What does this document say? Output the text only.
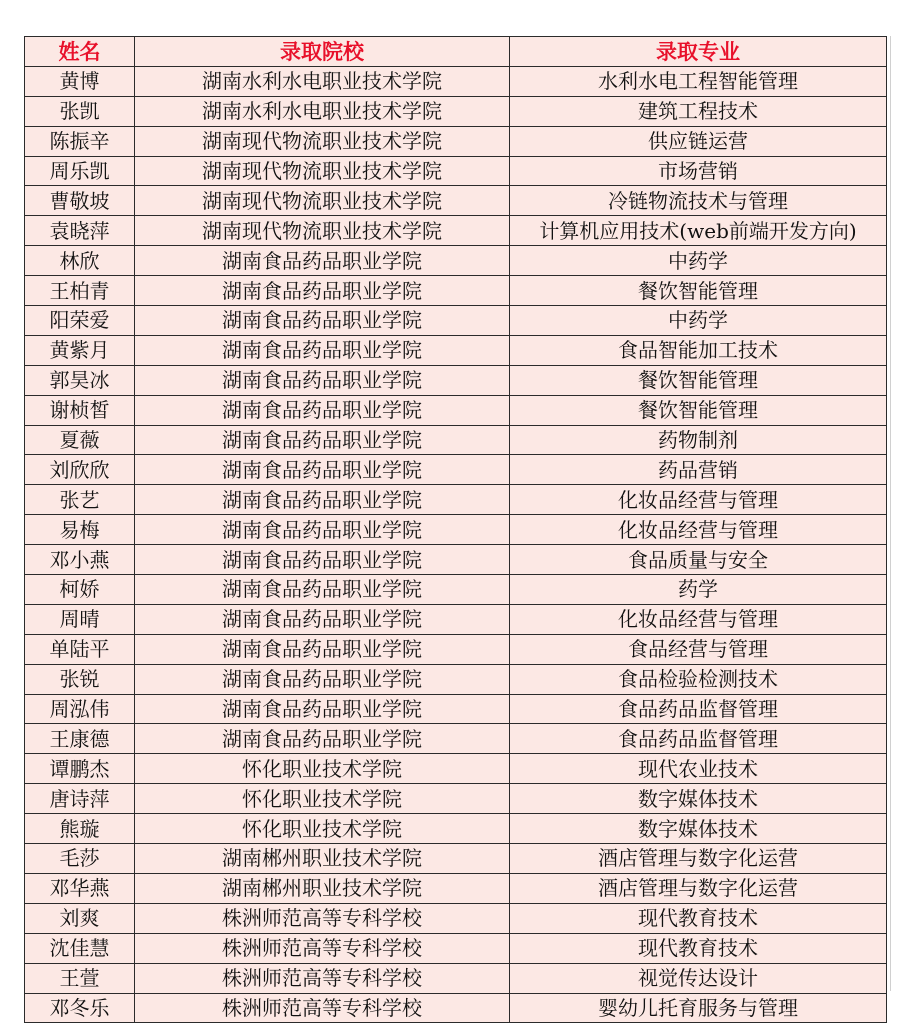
姓名	录取院校	录取专业
黄博	湖南水利水电职业技术学院	水利水电工程智能管理
张凯	湖南水利水电职业技术学院	建筑工程技术
陈振辛	湖南现代物流职业技术学院	供应链运营
周乐凯	湖南现代物流职业技术学院	市场营销
曹敬坡	湖南现代物流职业技术学院	冷链物流技术与管理
袁晓萍	湖南现代物流职业技术学院	计算机应用技术(web前端开发方向)
林欣	湖南食品药品职业学院	中药学
王柏青	湖南食品药品职业学院	餐饮智能管理
阳荣爱	湖南食品药品职业学院	中药学
黄紫月	湖南食品药品职业学院	食品智能加工技术
郭昊冰	湖南食品药品职业学院	餐饮智能管理
谢桢皙	湖南食品药品职业学院	餐饮智能管理
夏薇	湖南食品药品职业学院	药物制剂
刘欣欣	湖南食品药品职业学院	药品营销
张艺	湖南食品药品职业学院	化妆品经营与管理
易梅	湖南食品药品职业学院	化妆品经营与管理
邓小燕	湖南食品药品职业学院	食品质量与安全
柯娇	湖南食品药品职业学院	药学
周晴	湖南食品药品职业学院	化妆品经营与管理
单陆平	湖南食品药品职业学院	食品经营与管理
张锐	湖南食品药品职业学院	食品检验检测技术
周泓伟	湖南食品药品职业学院	食品药品监督管理
王康德	湖南食品药品职业学院	食品药品监督管理
谭鹏杰	怀化职业技术学院	现代农业技术
唐诗萍	怀化职业技术学院	数字媒体技术
熊璇	怀化职业技术学院	数字媒体技术
毛莎	湖南郴州职业技术学院	酒店管理与数字化运营
邓华燕	湖南郴州职业技术学院	酒店管理与数字化运营
刘爽	株洲师范高等专科学校	现代教育技术
沈佳慧	株洲师范高等专科学校	现代教育技术
王萱	株洲师范高等专科学校	视觉传达设计
邓冬乐	株洲师范高等专科学校	婴幼儿托育服务与管理
